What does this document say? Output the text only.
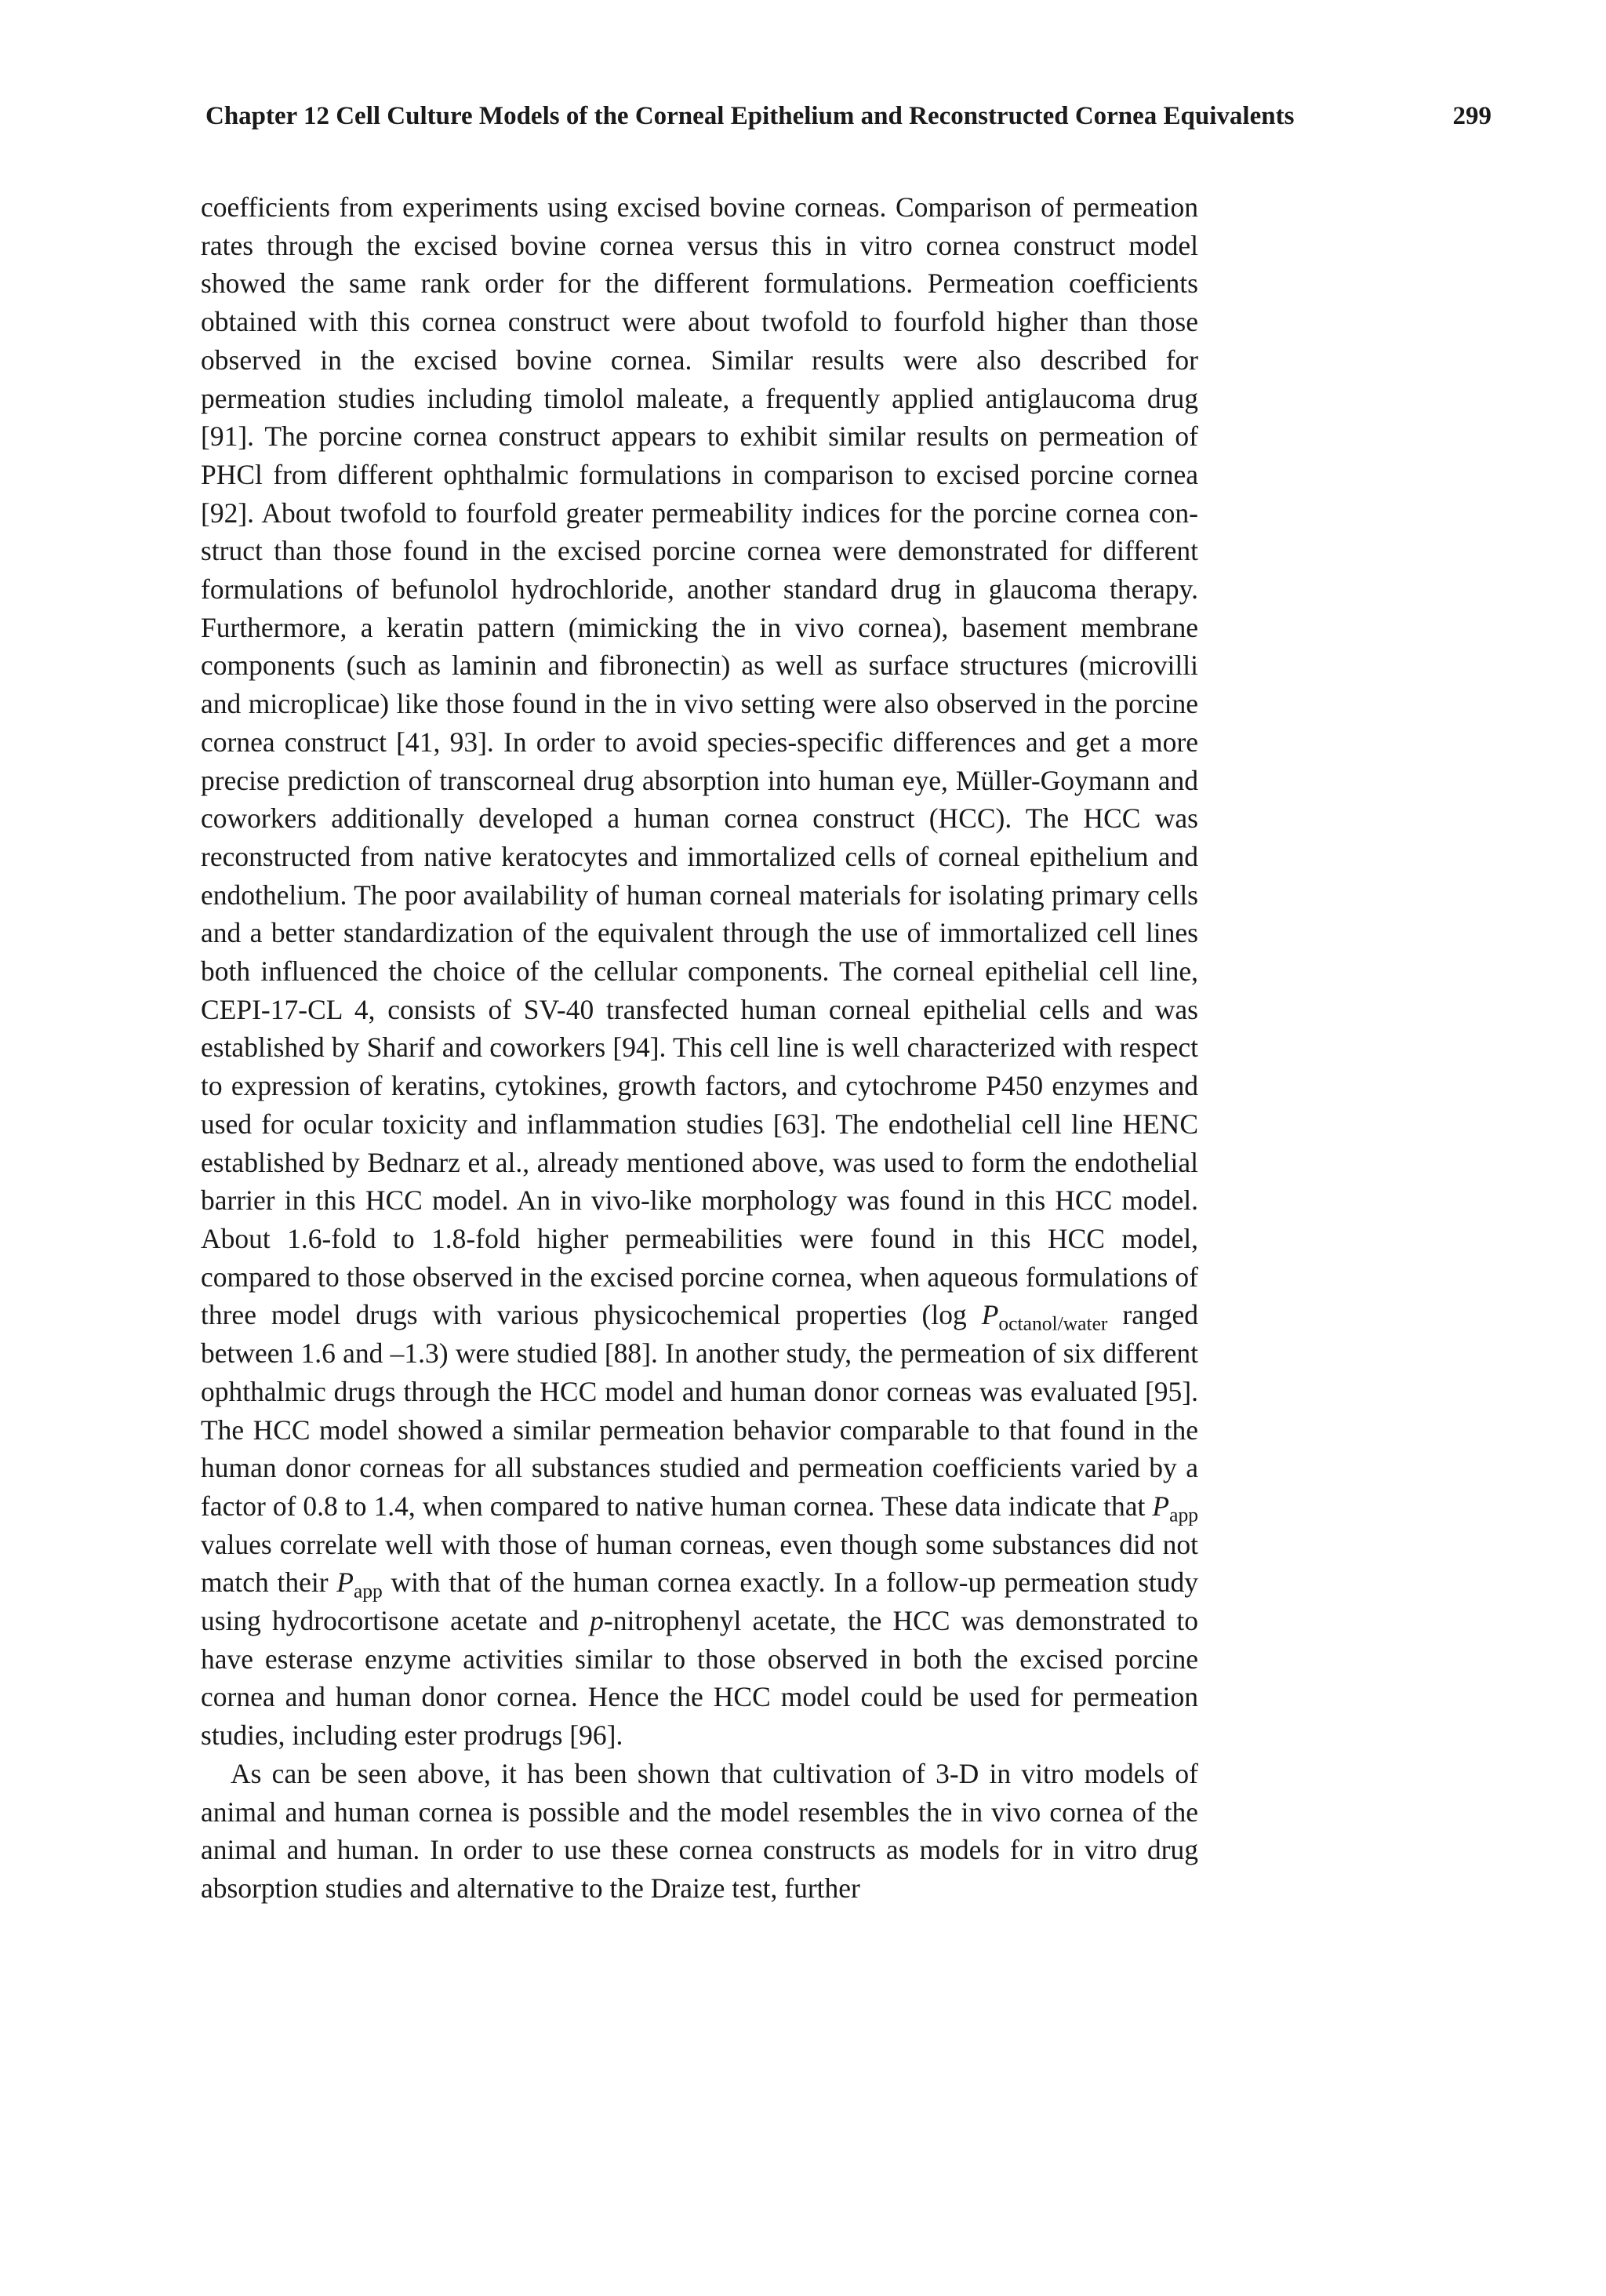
Chapter 12 Cell Culture Models of the Corneal Epithelium and Reconstructed Cornea Equivalents	299

coefficients from experiments using excised bovine corneas. Comparison of permeation rates through the excised bovine cornea versus this in vitro cornea construct model showed the same rank order for the different formulations. Permeation coefficients obtained with this cornea construct were about twofold to fourfold higher than those observed in the excised bovine cornea. Similar results were also described for permeation studies including timolol maleate, a frequently applied antiglaucoma drug [91]. The porcine cornea construct appears to exhibit similar results on permeation of PHCl from different ophthalmic formulations in comparison to excised porcine cornea [92]. About twofold to fourfold greater permeability indices for the porcine cornea construct than those found in the excised porcine cornea were demonstrated for different formulations of befunolol hydrochloride, another standard drug in glaucoma therapy. Furthermore, a keratin pattern (mimicking the in vivo cornea), basement membrane components (such as laminin and fibronectin) as well as surface structures (microvilli and microplicae) like those found in the in vivo setting were also observed in the porcine cornea construct [41, 93]. In order to avoid species-specific differences and get a more precise prediction of transcorneal drug absorption into human eye, Müller-Goymann and coworkers additionally developed a human cornea construct (HCC). The HCC was reconstructed from native keratocytes and immortalized cells of corneal epithelium and endothelium. The poor availability of human corneal materials for isolating primary cells and a better standardization of the equivalent through the use of immortalized cell lines both influenced the choice of the cellular components. The corneal epithelial cell line, CEPI-17-CL 4, consists of SV-40 transfected human corneal epithelial cells and was established by Sharif and coworkers [94]. This cell line is well characterized with respect to expression of keratins, cytokines, growth factors, and cytochrome P450 enzymes and used for ocular toxicity and inflammation studies [63]. The endothelial cell line HENC established by Bednarz et al., already mentioned above, was used to form the endothelial barrier in this HCC model. An in vivo-like morphology was found in this HCC model. About 1.6-fold to 1.8-fold higher permeabilities were found in this HCC model, compared to those observed in the excised porcine cornea, when aqueous formulations of three model drugs with various physicochemical properties (log $P_{octanol/water}$ ranged between 1.6 and –1.3) were studied [88]. In another study, the permeation of six different ophthalmic drugs through the HCC model and human donor corneas was evaluated [95]. The HCC model showed a similar permeation behavior comparable to that found in the human donor corneas for all substances studied and permeation coefficients varied by a factor of 0.8 to 1.4, when compared to native human cornea. These data indicate that $P_{app}$ values correlate well with those of human corneas, even though some substances did not match their $P_{app}$ with that of the human cornea exactly. In a follow-up permeation study using hydrocortisone acetate and p-nitrophenyl acetate, the HCC was demonstrated to have esterase enzyme activities similar to those observed in both the excised porcine cornea and human donor cornea. Hence the HCC model could be used for permeation studies, including ester prodrugs [96].

As can be seen above, it has been shown that cultivation of 3-D in vitro models of animal and human cornea is possible and the model resembles the in vivo cornea of the animal and human. In order to use these cornea constructs as models for in vitro drug absorption studies and alternative to the Draize test, further
